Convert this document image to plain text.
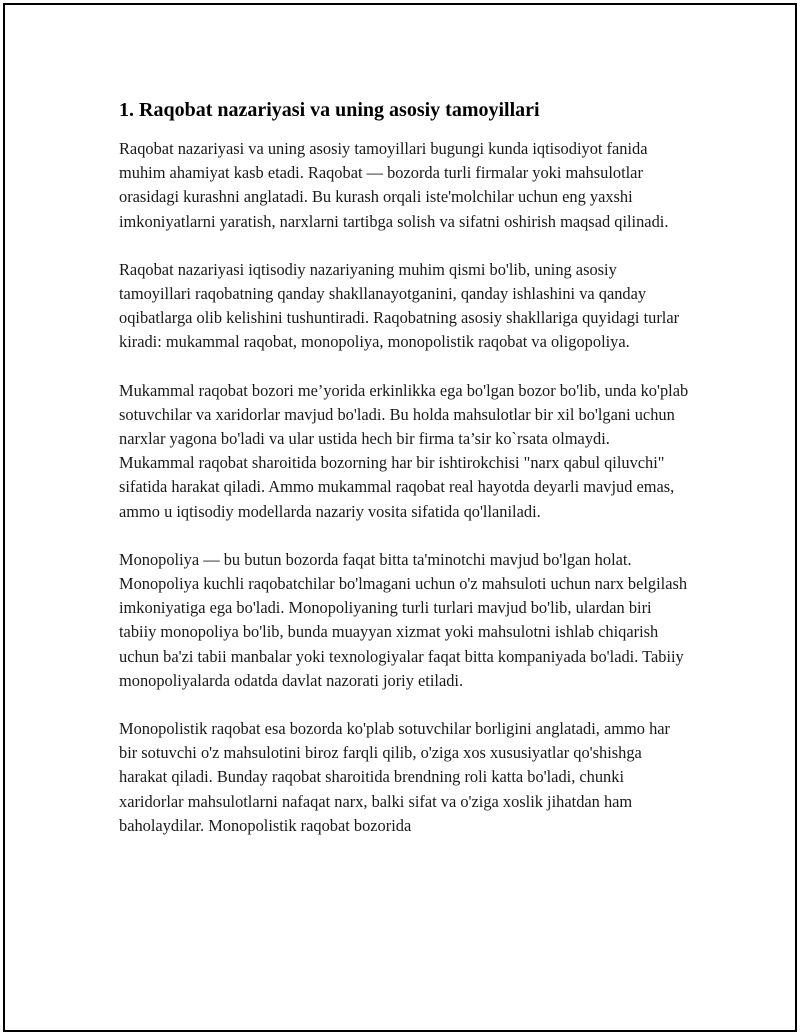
1. Raqobat nazariyasi va uning asosiy tamoyillari

Raqobat nazariyasi va uning asosiy tamoyillari bugungi kunda iqtisodiyot fanida muhim ahamiyat kasb etadi. Raqobat — bozorda turli firmalar yoki mahsulotlar orasidagi kurashni anglatadi. Bu kurash orqali iste'molchilar uchun eng yaxshi imkoniyatlarni yaratish, narxlarni tartibga solish va sifatni oshirish maqsad qilinadi.

Raqobat nazariyasi iqtisodiy nazariyaning muhim qismi bo'lib, uning asosiy tamoyillari raqobatning qanday shakllanayotganini, qanday ishlashini va qanday oqibatlarga olib kelishini tushuntiradi. Raqobatning asosiy shakllariga quyidagi turlar kiradi: mukammal raqobat, monopoliya, monopolistik raqobat va oligopoliya.

Mukammal raqobat bozori me’yorida erkinlikka ega bo'lgan bozor bo'lib, unda ko'plab sotuvchilar va xaridorlar mavjud bo'ladi. Bu holda mahsulotlar bir xil bo'lgani uchun narxlar yagona bo'ladi va ular ustida hech bir firma ta’sir ko`rsata olmaydi. Mukammal raqobat sharoitida bozorning har bir ishtirokchisi "narx qabul qiluvchi" sifatida harakat qiladi. Ammo mukammal raqobat real hayotda deyarli mavjud emas, ammo u iqtisodiy modellarda nazariy vosita sifatida qo'llaniladi.

Monopoliya — bu butun bozorda faqat bitta ta'minotchi mavjud bo'lgan holat. Monopoliya kuchli raqobatchilar bo'lmagani uchun o'z mahsuloti uchun narx belgilash imkoniyatiga ega bo'ladi. Monopoliyaning turli turlari mavjud bo'lib, ulardan biri tabiiy monopoliya bo'lib, bunda muayyan xizmat yoki mahsulotni ishlab chiqarish uchun ba'zi tabii manbalar yoki texnologiyalar faqat bitta kompaniyada bo'ladi. Tabiiy monopoliyalarda odatda davlat nazorati joriy etiladi.

Monopolistik raqobat esa bozorda ko'plab sotuvchilar borligini anglatadi, ammo har bir sotuvchi o'z mahsulotini biroz farqli qilib, o'ziga xos xususiyatlar qo'shishga harakat qiladi. Bunday raqobat sharoitida brendning roli katta bo'ladi, chunki xaridorlar mahsulotlarni nafaqat narx, balki sifat va o'ziga xoslik jihatdan ham baholaydilar. Monopolistik raqobat bozorida
